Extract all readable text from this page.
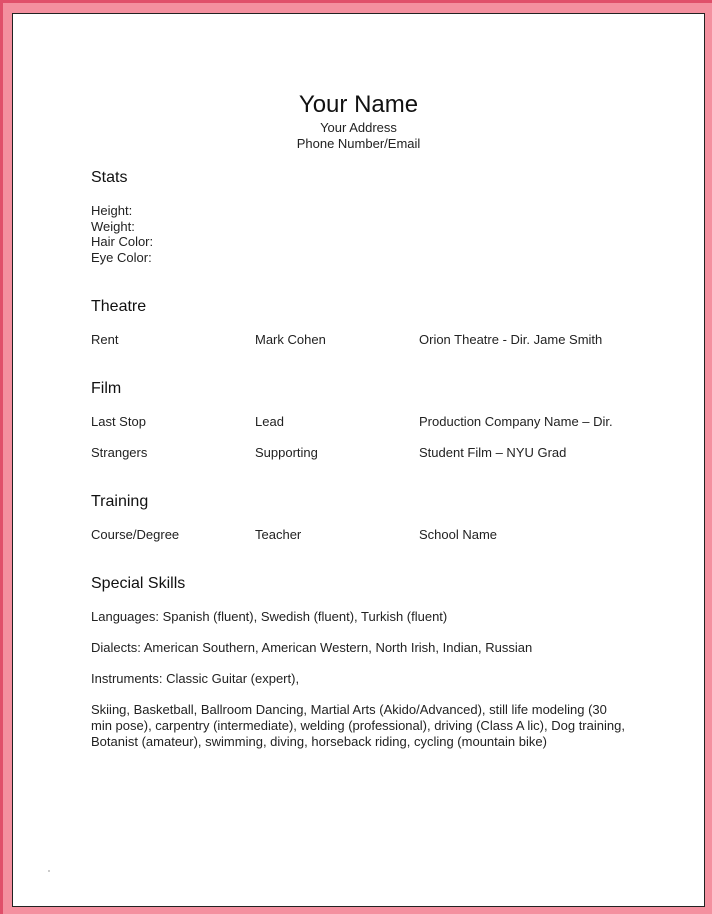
Your Name
Your Address
Phone Number/Email
Stats
Height:
Weight:
Hair Color:
Eye Color:
Theatre
Rent	Mark Cohen	Orion Theatre - Dir. Jame Smith
Film
Last Stop	Lead	Production Company Name – Dir.
Strangers	Supporting	Student Film – NYU Grad
Training
Course/Degree	Teacher	School Name
Special Skills
Languages: Spanish (fluent), Swedish (fluent), Turkish (fluent)
Dialects: American Southern, American Western, North Irish, Indian, Russian
Instruments: Classic Guitar (expert),
Skiing, Basketball, Ballroom Dancing, Martial Arts (Akido/Advanced), still life modeling (30 min pose), carpentry (intermediate), welding (professional), driving (Class A lic), Dog training, Botanist (amateur), swimming, diving, horseback riding, cycling (mountain bike)
